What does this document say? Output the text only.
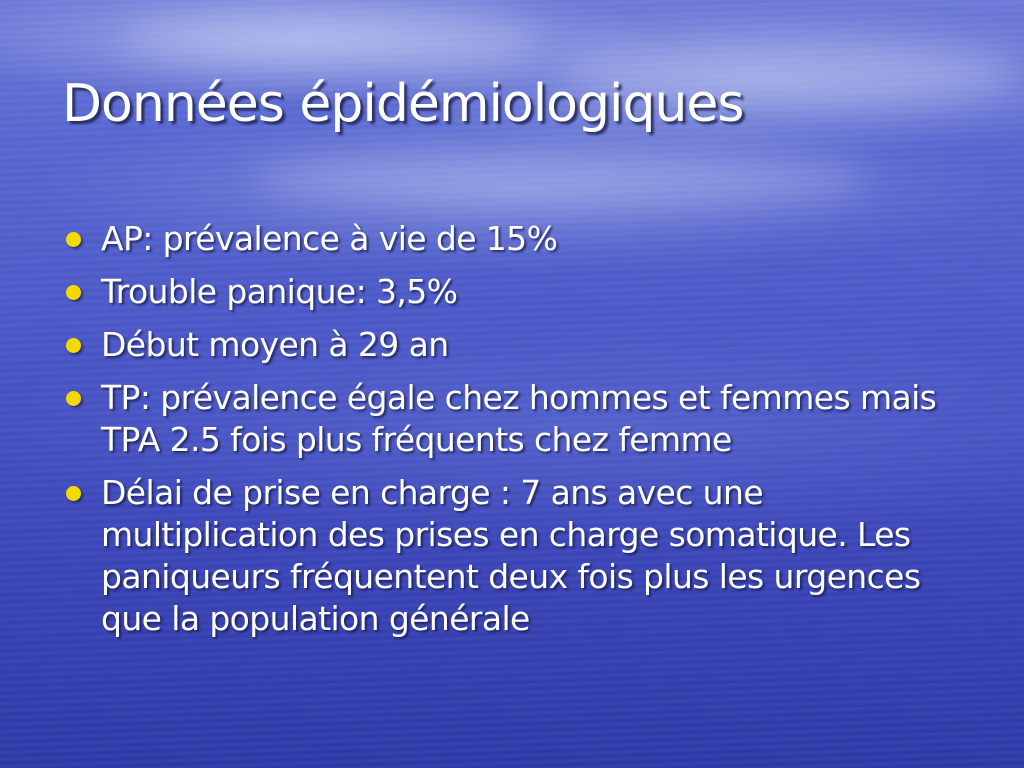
Données épidémiologiques
AP: prévalence à vie de 15%
Trouble panique: 3,5%
Début moyen à 29 an
TP: prévalence égale chez hommes et femmes mais TPA 2.5 fois plus fréquents chez femme
Délai de prise en charge : 7 ans avec une multiplication des prises en charge somatique. Les paniqueurs fréquentent deux fois plus les urgences que la population générale
